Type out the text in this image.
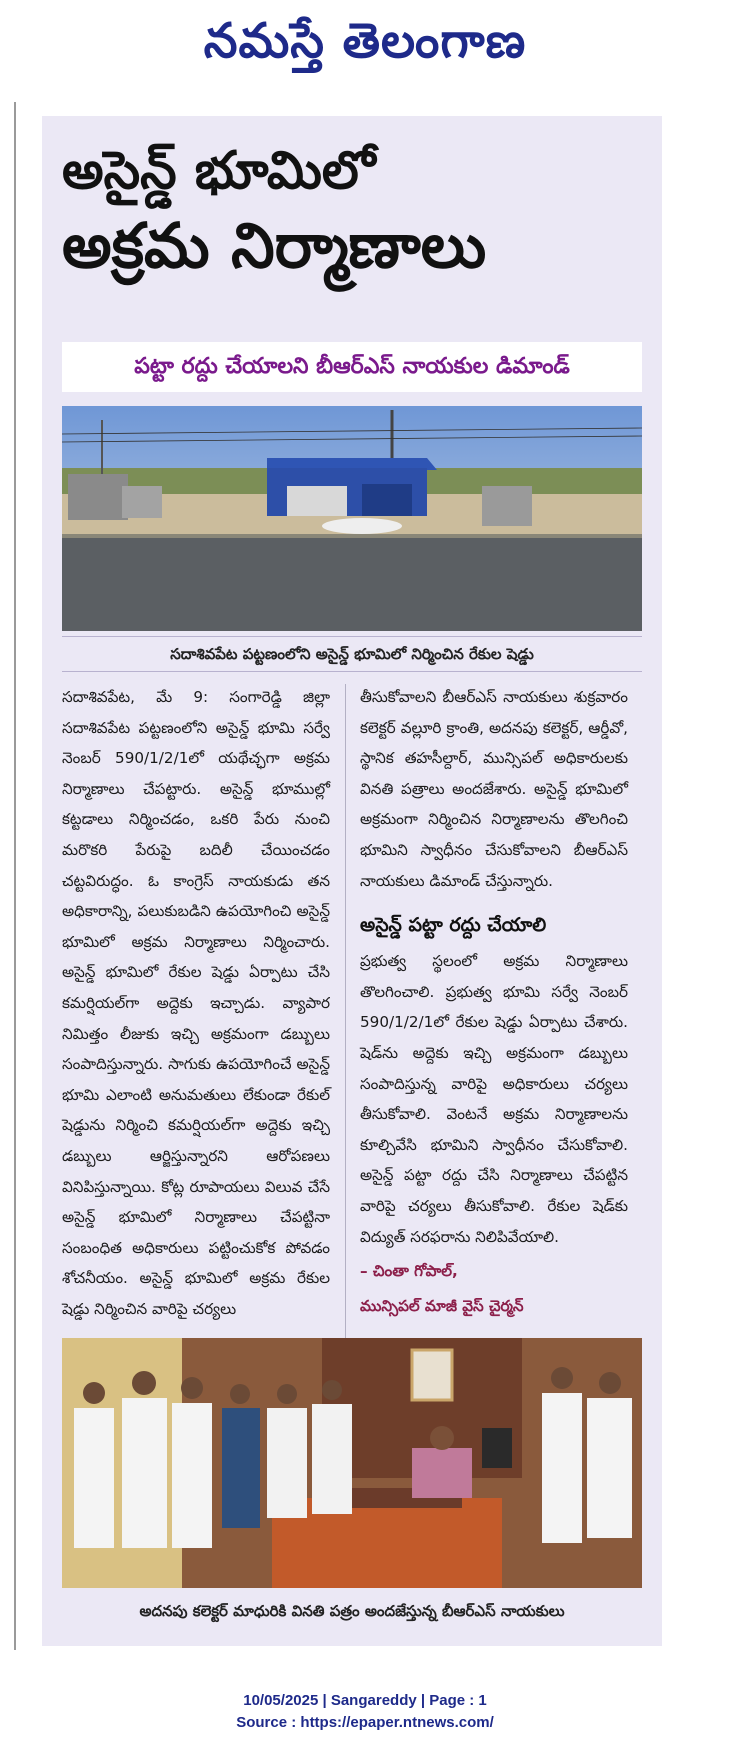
నమస్తే తెలంగాణ
అసైన్డ్ భూమిలో
అక్రమ నిర్మాణాలు
పట్టా రద్దు చేయాలని బీఆర్ఎస్ నాయకుల డిమాండ్
సదాశివపేట పట్టణంలోని అసైన్డ్ భూమిలో నిర్మించిన రేకుల షెడ్డు

సదాశివపేట, మే 9: సంగారెడ్డి జిల్లా సదాశివపేట పట్టణంలోని అసైన్డ్ భూమి సర్వే నెంబర్ 590/1/2/1లో యథేచ్ఛగా అక్రమ నిర్మాణాలు చేపట్టారు. అసైన్డ్ భూముల్లో కట్టడాలు నిర్మించడం, ఒకరి పేరు నుంచి మరొకరి పేరుపై బదిలీ చేయించడం చట్టవిరుద్ధం. ఓ కాంగ్రెస్ నాయకుడు తన అధికారాన్ని, పలుకుబడిని ఉపయోగించి అసైన్డ్ భూమిలో అక్రమ నిర్మాణాలు నిర్మించారు. అసైన్డ్ భూమిలో రేకుల షెడ్డు ఏర్పాటు చేసి కమర్షియల్‌గా అద్దెకు ఇచ్చాడు. వ్యాపార నిమిత్తం లీజుకు ఇచ్చి అక్రమంగా డబ్బులు సంపాదిస్తున్నారు. సాగుకు ఉపయోగించే అసైన్డ్ భూమి ఎలాంటి అనుమతులు లేకుండా రేకుల్ షెడ్డును నిర్మించి కమర్షియల్‌గా అద్దెకు ఇచ్చి డబ్బులు ఆర్జిస్తున్నారని ఆరోపణలు వినిపిస్తున్నాయి. కోట్ల రూపాయలు విలువ చేసే అసైన్డ్ భూమిలో నిర్మాణాలు చేపట్టినా సంబంధిత అధికారులు పట్టించుకోక పోవడం శోచనీయం. అసైన్డ్ భూమిలో అక్రమ రేకుల షెడ్డు నిర్మించిన వారిపై చర్యలు

తీసుకోవాలని బీఆర్ఎస్ నాయకులు శుక్రవారం కలెక్టర్ వల్లూరి క్రాంతి, అదనపు కలెక్టర్, ఆర్డీవో, స్థానిక తహసీల్దార్, మున్సిపల్ అధికారులకు వినతి పత్రాలు అందజేశారు. అసైన్డ్ భూమిలో అక్రమంగా నిర్మించిన నిర్మాణాలను తొలగించి భూమిని స్వాధీనం చేసుకోవాలని బీఆర్ఎస్ నాయకులు డిమాండ్ చేస్తున్నారు.

అసైన్డ్ పట్టా రద్దు చేయాలి

ప్రభుత్వ స్థలంలో అక్రమ నిర్మాణాలు తొలగించాలి. ప్రభుత్వ భూమి సర్వే నెంబర్ 590/1/2/1లో రేకుల షెడ్డు ఏర్పాటు చేశారు. షెడ్‌ను అద్దెకు ఇచ్చి అక్రమంగా డబ్బులు సంపాదిస్తున్న వారిపై అధికారులు చర్యలు తీసుకోవాలి. వెంటనే అక్రమ నిర్మాణాలను కూల్చివేసి భూమిని స్వాధీనం చేసుకోవాలి. అసైన్డ్ పట్టా రద్దు చేసి నిర్మాణాలు చేపట్టిన వారిపై చర్యలు తీసుకోవాలి. రేకుల షెడ్‌కు విద్యుత్ సరఫరాను నిలిపివేయాలి.

– చింతా గోపాల్,
మున్సిపల్ మాజీ వైస్ చైర్మన్
అదనపు కలెక్టర్ మాధురికి వినతి పత్రం అందజేస్తున్న బీఆర్ఎస్ నాయకులు
10/05/2025 | Sangareddy | Page : 1
Source : https://epaper.ntnews.com/
